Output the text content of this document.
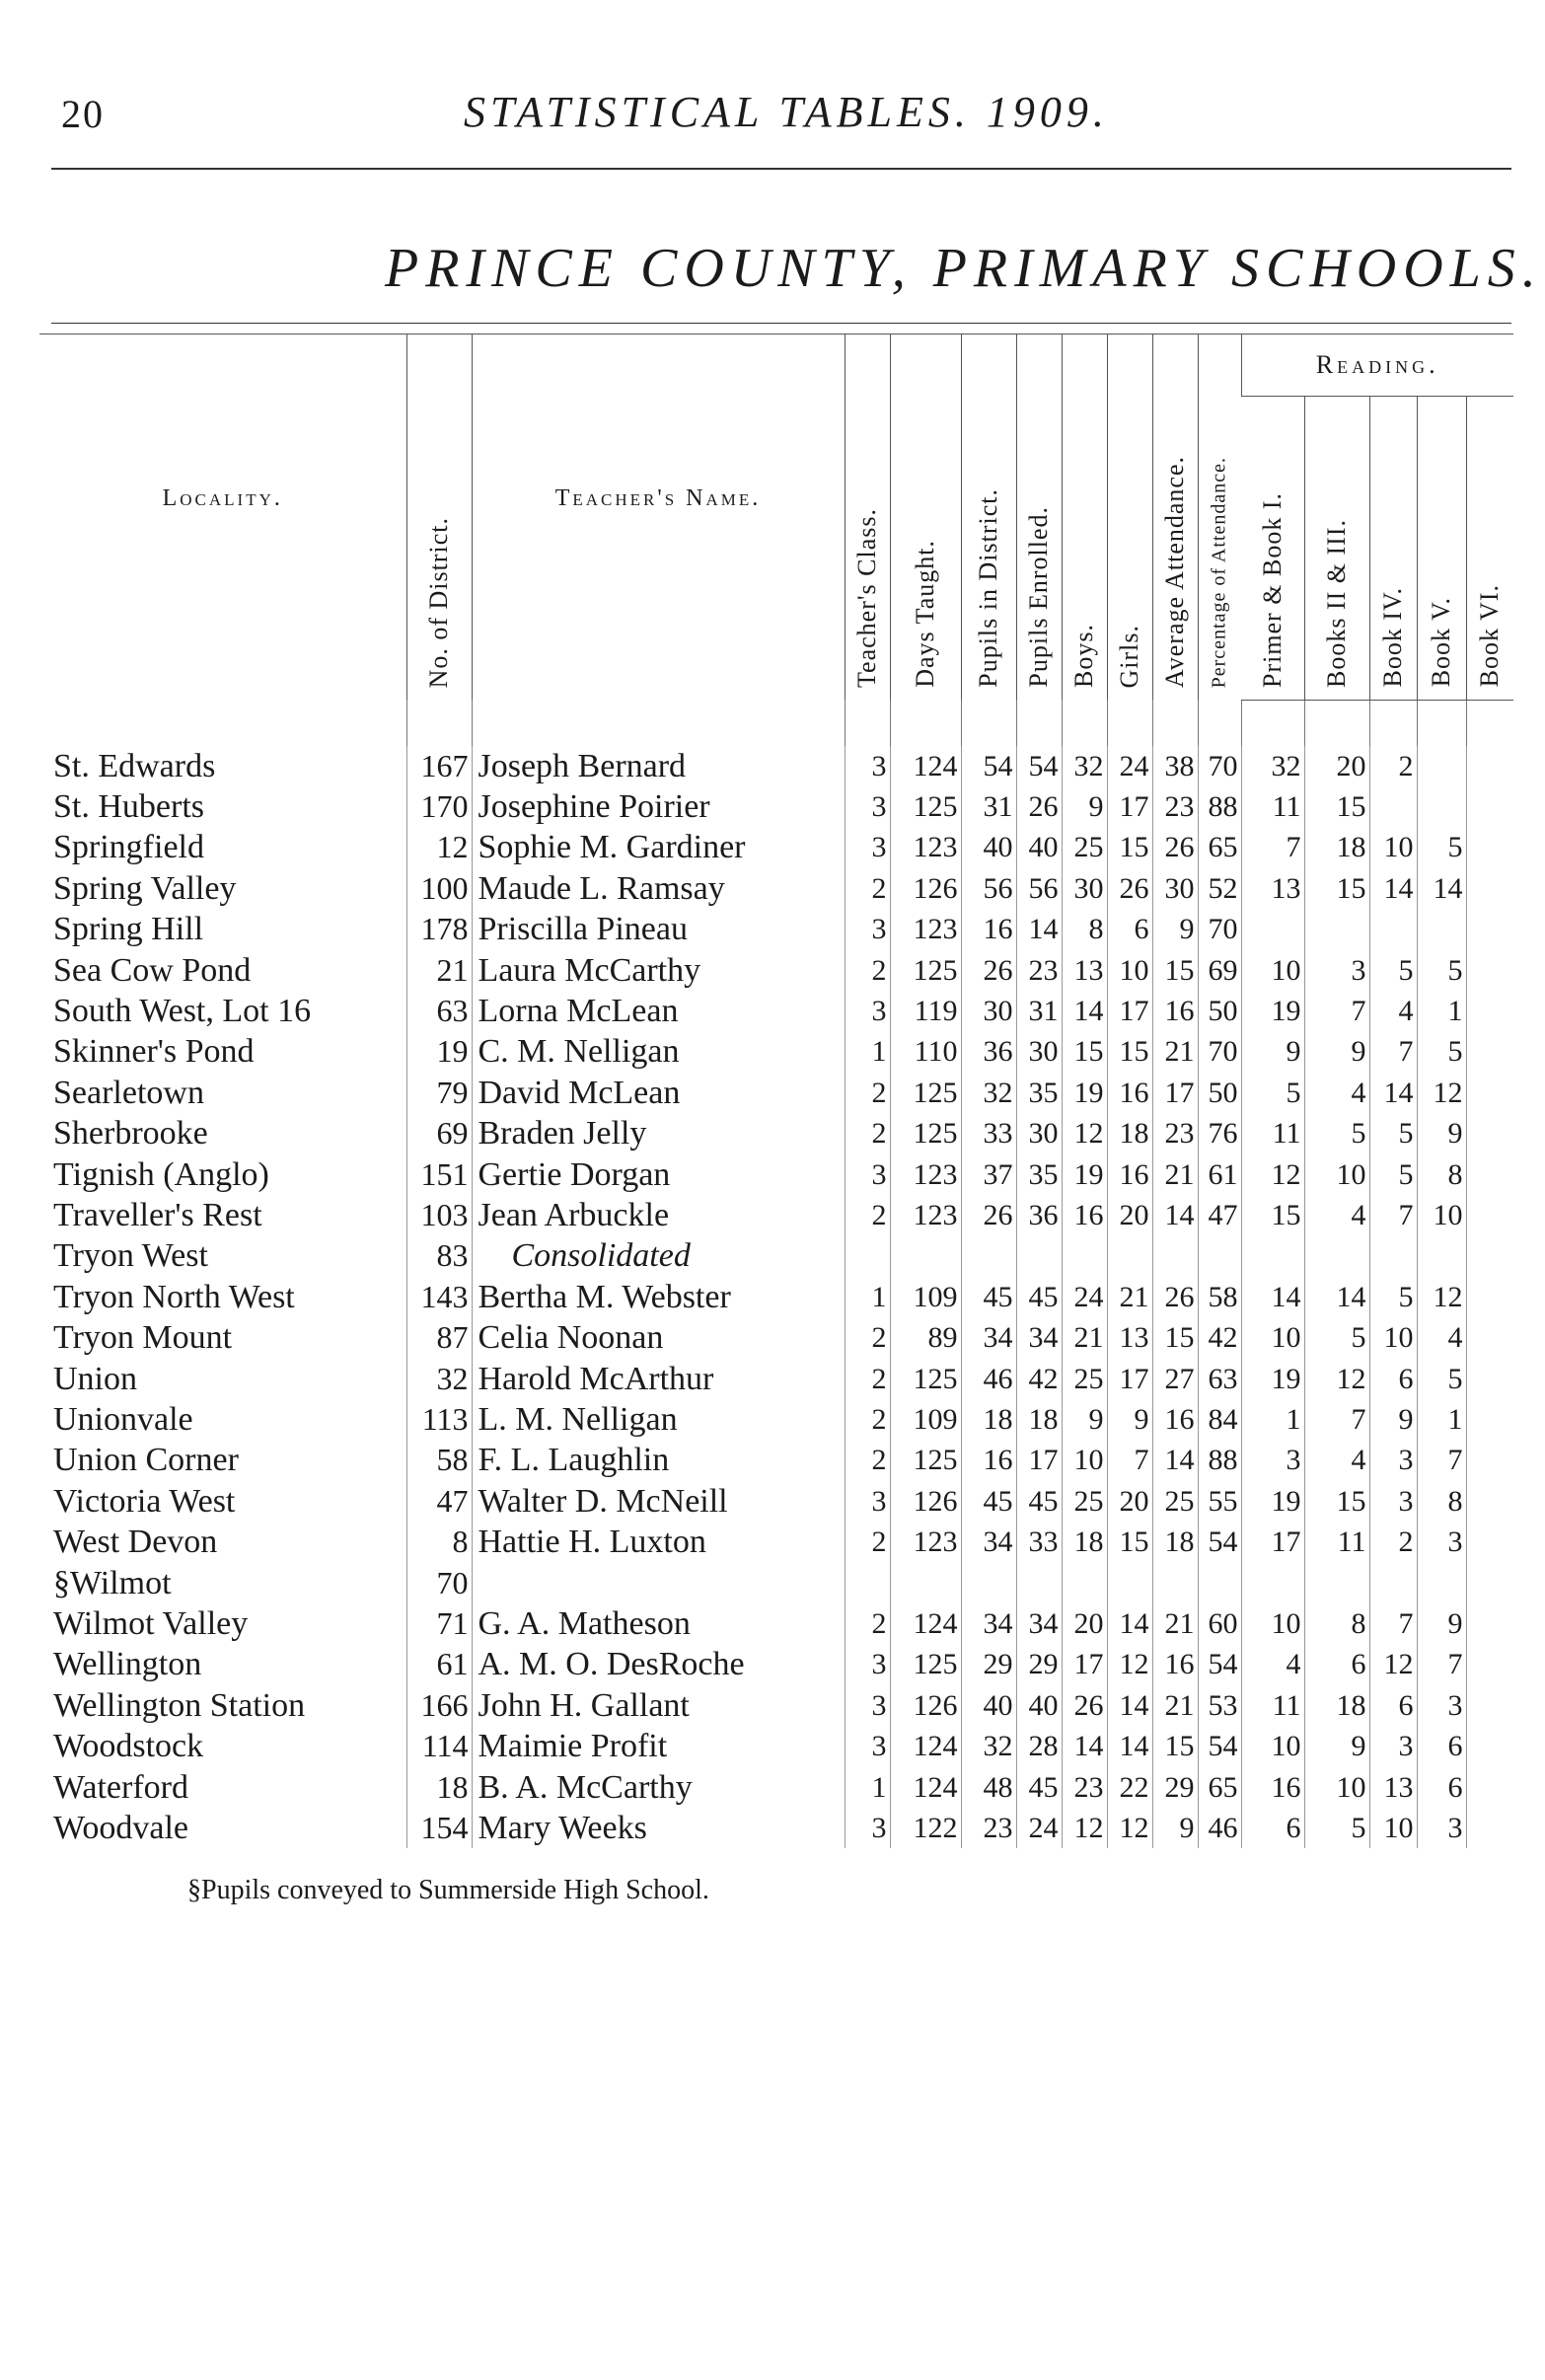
20	STATISTICAL TABLES. 1909.
PRINCE COUNTY, PRIMARY SCHOOLS.
Locality.	No. of District.	Teacher's Name.	Teacher's Class.	Days Taught.	Pupils in District.	Pupils Enrolled.	Boys.	Girls.	Average Attendance.	Percentage of Attendance.	Reading.				

											Primer & Book I.	Books II & III.	Book IV.	Book V.	Book VI.

St. Edwards	167	Joseph Bernard	3	124	54	54	32	24	38	70	32	20	2		
St. Huberts	170	Josephine Poirier	3	125	31	26	9	17	23	88	11	15			
Springfield	12	Sophie M. Gardiner	3	123	40	40	25	15	26	65	7	18	10	5	
Spring Valley	100	Maude L. Ramsay	2	126	56	56	30	26	30	52	13	15	14	14	
Spring Hill	178	Priscilla Pineau	3	123	16	14	8	6	9	70					
Sea Cow Pond	21	Laura McCarthy	2	125	26	23	13	10	15	69	10	3	5	5	
South West, Lot 16	63	Lorna McLean	3	119	30	31	14	17	16	50	19	7	4	1	
Skinner's Pond	19	C. M. Nelligan	1	110	36	30	15	15	21	70	9	9	7	5	
Searletown	79	David McLean	2	125	32	35	19	16	17	50	5	4	14	12	
Sherbrooke	69	Braden Jelly	2	125	33	30	12	18	23	76	11	5	5	9	
Tignish (Anglo)	151	Gertie Dorgan	3	123	37	35	19	16	21	61	12	10	5	8	
Traveller's Rest	103	Jean Arbuckle	2	123	26	36	16	20	14	47	15	4	7	10	
Tryon West	83	Consolidated													
Tryon North West	143	Bertha M. Webster	1	109	45	45	24	21	26	58	14	14	5	12	
Tryon Mount	87	Celia Noonan	2	89	34	34	21	13	15	42	10	5	10	4	
Union	32	Harold McArthur	2	125	46	42	25	17	27	63	19	12	6	5	
Unionvale	113	L. M. Nelligan	2	109	18	18	9	9	16	84	1	7	9	1	
Union Corner	58	F. L. Laughlin	2	125	16	17	10	7	14	88	3	4	3	7	
Victoria West	47	Walter D. McNeill	3	126	45	45	25	20	25	55	19	15	3	8	
West Devon	8	Hattie H. Luxton	2	123	34	33	18	15	18	54	17	11	2	3	
§Wilmot	70														
Wilmot Valley	71	G. A. Matheson	2	124	34	34	20	14	21	60	10	8	7	9	
Wellington	61	A. M. O. DesRoche	3	125	29	29	17	12	16	54	4	6	12	7	
Wellington Station	166	John H. Gallant	3	126	40	40	26	14	21	53	11	18	6	3	
Woodstock	114	Maimie Profit	3	124	32	28	14	14	15	54	10	9	3	6	
Waterford	18	B. A. McCarthy	1	124	48	45	23	22	29	65	16	10	13	6	
Woodvale	154	Mary Weeks	3	122	23	24	12	12	9	46	6	5	10	3	
§Pupils conveyed to Summerside High School.
